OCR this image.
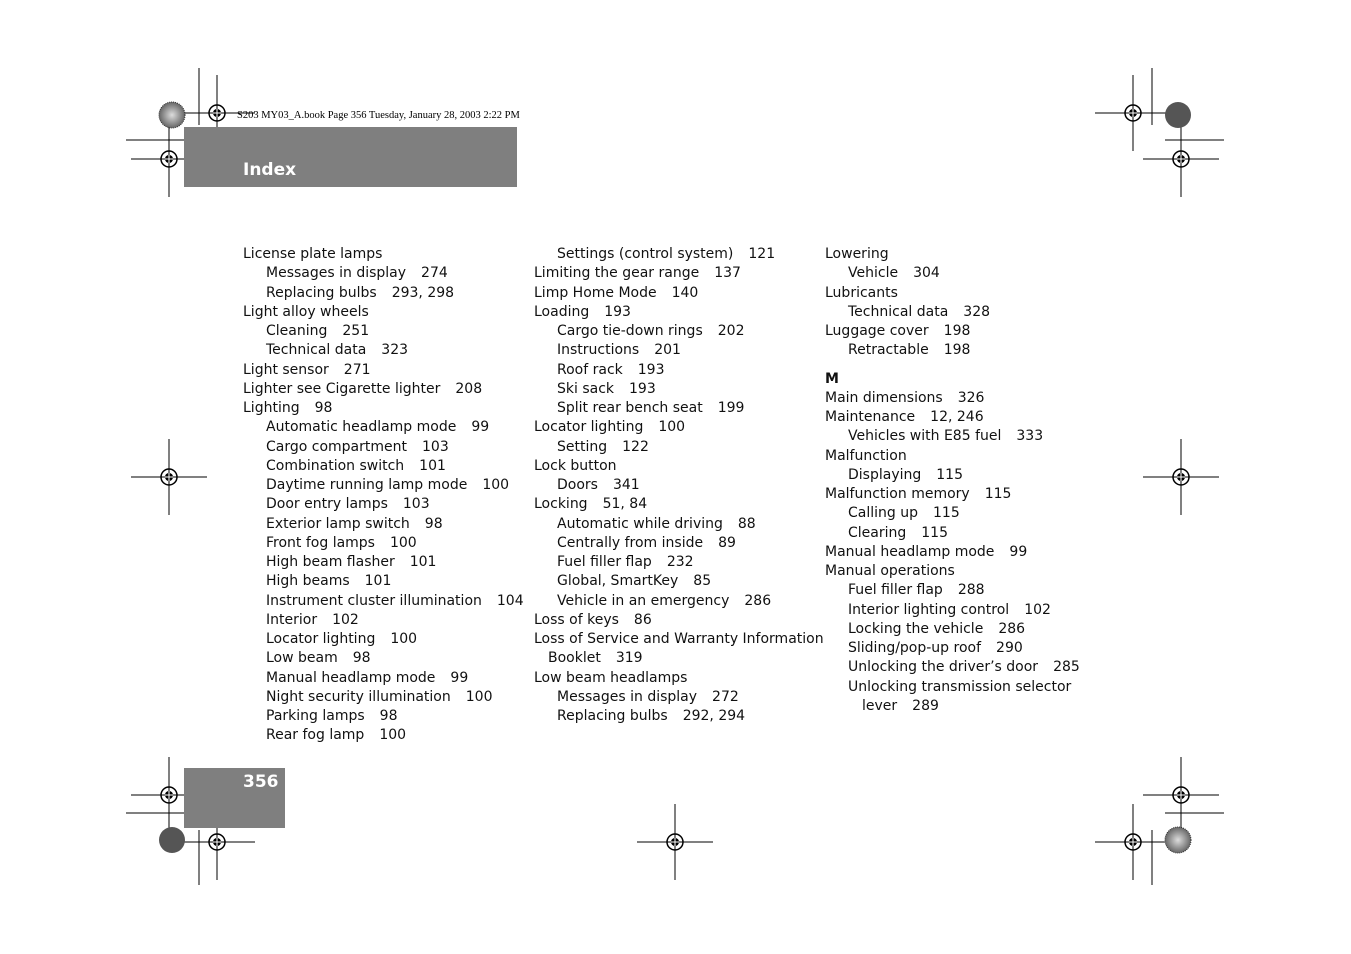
S203 MY03_A.book Page 356 Tuesday, January 28, 2003 2:22 PM
Index
License plate lamps
Messages in display 274
Replacing bulbs 293, 298
Light alloy wheels
Cleaning 251
Technical data 323
Light sensor 271
Lighter see Cigarette lighter 208
Lighting 98
Automatic headlamp mode 99
Cargo compartment 103
Combination switch 101
Daytime running lamp mode 100
Door entry lamps 103
Exterior lamp switch 98
Front fog lamps 100
High beam flasher 101
High beams 101
Instrument cluster illumination 104
Interior 102
Locator lighting 100
Low beam 98
Manual headlamp mode 99
Night security illumination 100
Parking lamps 98
Rear fog lamp 100
Settings (control system) 121
Limiting the gear range 137
Limp Home Mode 140
Loading 193
Cargo tie-down rings 202
Instructions 201
Roof rack 193
Ski sack 193
Split rear bench seat 199
Locator lighting 100
Setting 122
Lock button
Doors 341
Locking 51, 84
Automatic while driving 88
Centrally from inside 89
Fuel filler flap 232
Global, SmartKey 85
Vehicle in an emergency 286
Loss of keys 86
Loss of Service and Warranty Information
Booklet 319
Low beam headlamps
Messages in display 272
Replacing bulbs 292, 294
Lowering
Vehicle 304
Lubricants
Technical data 328
Luggage cover 198
Retractable 198
M
Main dimensions 326
Maintenance 12, 246
Vehicles with E85 fuel 333
Malfunction
Displaying 115
Malfunction memory 115
Calling up 115
Clearing 115
Manual headlamp mode 99
Manual operations
Fuel filler flap 288
Interior lighting control 102
Locking the vehicle 286
Sliding/pop-up roof 290
Unlocking the driver’s door 285
Unlocking transmission selector
lever 289
356
